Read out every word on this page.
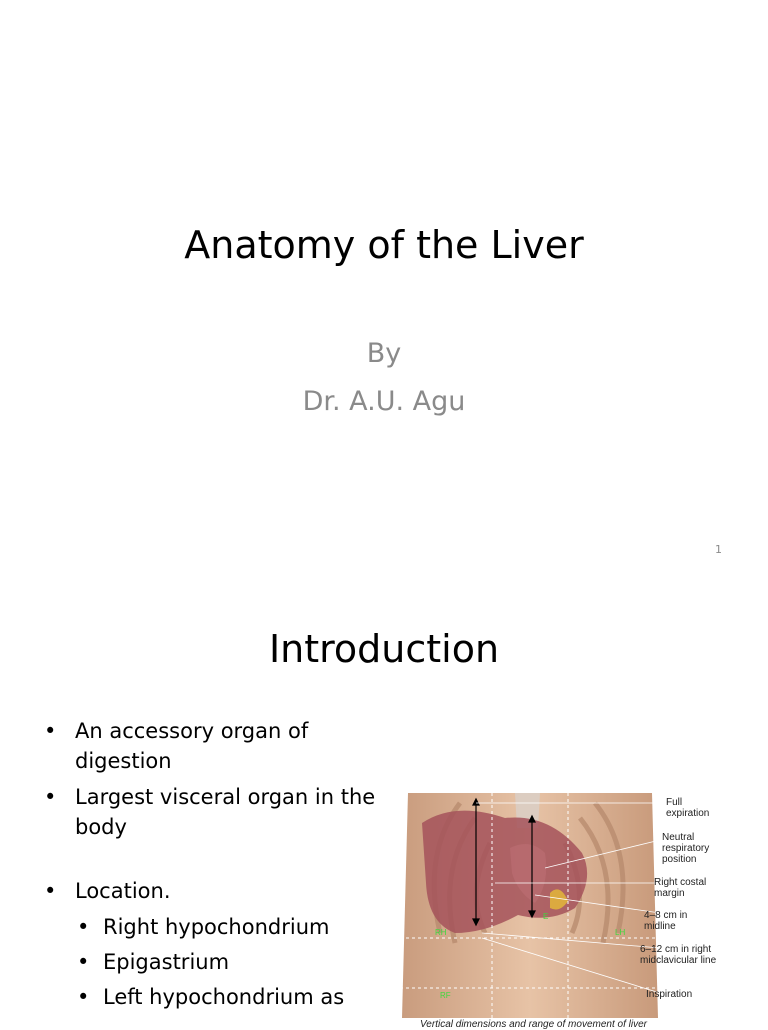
Anatomy of the Liver
By
Dr. A.U. Agu
1
Introduction
• An accessory organ of digestion
• Largest visceral organ in the body
• Location.
• Right hypochondrium
• Epigastrium
• Left hypochondrium as
RH	LH
RF
E
Full expiration
Neutral respiratory position
Right costal margin
4–8 cm in midline
6–12 cm in right midclavicular line
Inspiration
Vertical dimensions and range of movement of liver
